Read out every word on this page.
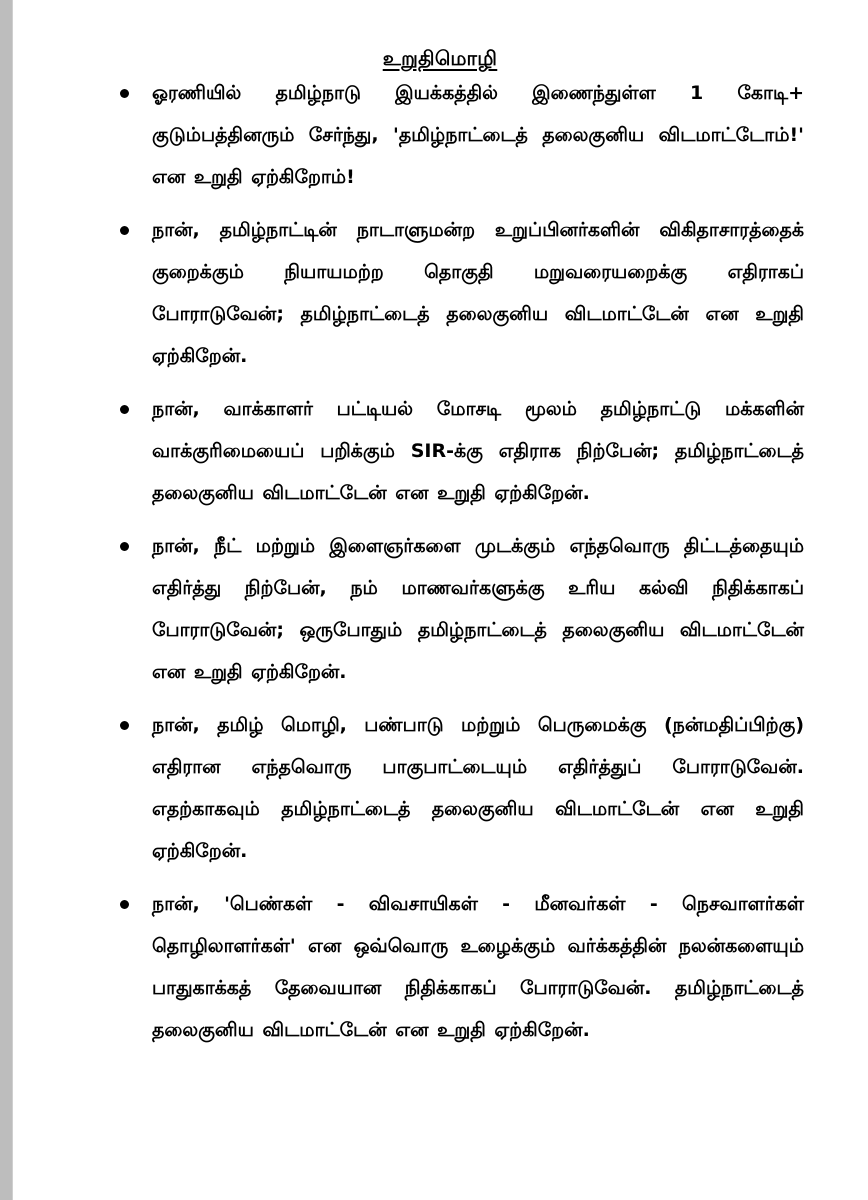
உறுதிமொழி
ஓரணியில் தமிழ்நாடு இயக்கத்தில் இணைந்துள்ள 1 கோடி+ குடும்பத்தினரும் சேர்ந்து, 'தமிழ்நாட்டைத் தலைகுனிய விடமாட்டோம்!' என உறுதி ஏற்கிறோம்!
நான், தமிழ்நாட்டின் நாடாளுமன்ற உறுப்பினர்களின் விகிதாசாரத்தைக் குறைக்கும் நியாயமற்ற தொகுதி மறுவரையறைக்கு எதிராகப் போராடுவேன்; தமிழ்நாட்டைத் தலைகுனிய விடமாட்டேன் என உறுதி ஏற்கிறேன்.
நான், வாக்காளர் பட்டியல் மோசடி மூலம் தமிழ்நாட்டு மக்களின் வாக்குரிமையைப் பறிக்கும் SIR-க்கு எதிராக நிற்பேன்; தமிழ்நாட்டைத் தலைகுனிய விடமாட்டேன் என உறுதி ஏற்கிறேன்.
நான், நீட் மற்றும் இளைஞர்களை முடக்கும் எந்தவொரு திட்டத்தையும் எதிர்த்து நிற்பேன், நம் மாணவர்களுக்கு உரிய கல்வி நிதிக்காகப் போராடுவேன்; ஒருபோதும் தமிழ்நாட்டைத் தலைகுனிய விடமாட்டேன் என உறுதி ஏற்கிறேன்.
நான், தமிழ் மொழி, பண்பாடு மற்றும் பெருமைக்கு (நன்மதிப்பிற்கு) எதிரான எந்தவொரு பாகுபாட்டையும் எதிர்த்துப் போராடுவேன். எதற்காகவும் தமிழ்நாட்டைத் தலைகுனிய விடமாட்டேன் என உறுதி ஏற்கிறேன்.
நான், 'பெண்கள் - விவசாயிகள் - மீனவர்கள் - நெசவாளர்கள் தொழிலாளர்கள்' என ஒவ்வொரு உழைக்கும் வர்க்கத்தின் நலன்களையும் பாதுகாக்கத் தேவையான நிதிக்காகப் போராடுவேன். தமிழ்நாட்டைத் தலைகுனிய விடமாட்டேன் என உறுதி ஏற்கிறேன்.
